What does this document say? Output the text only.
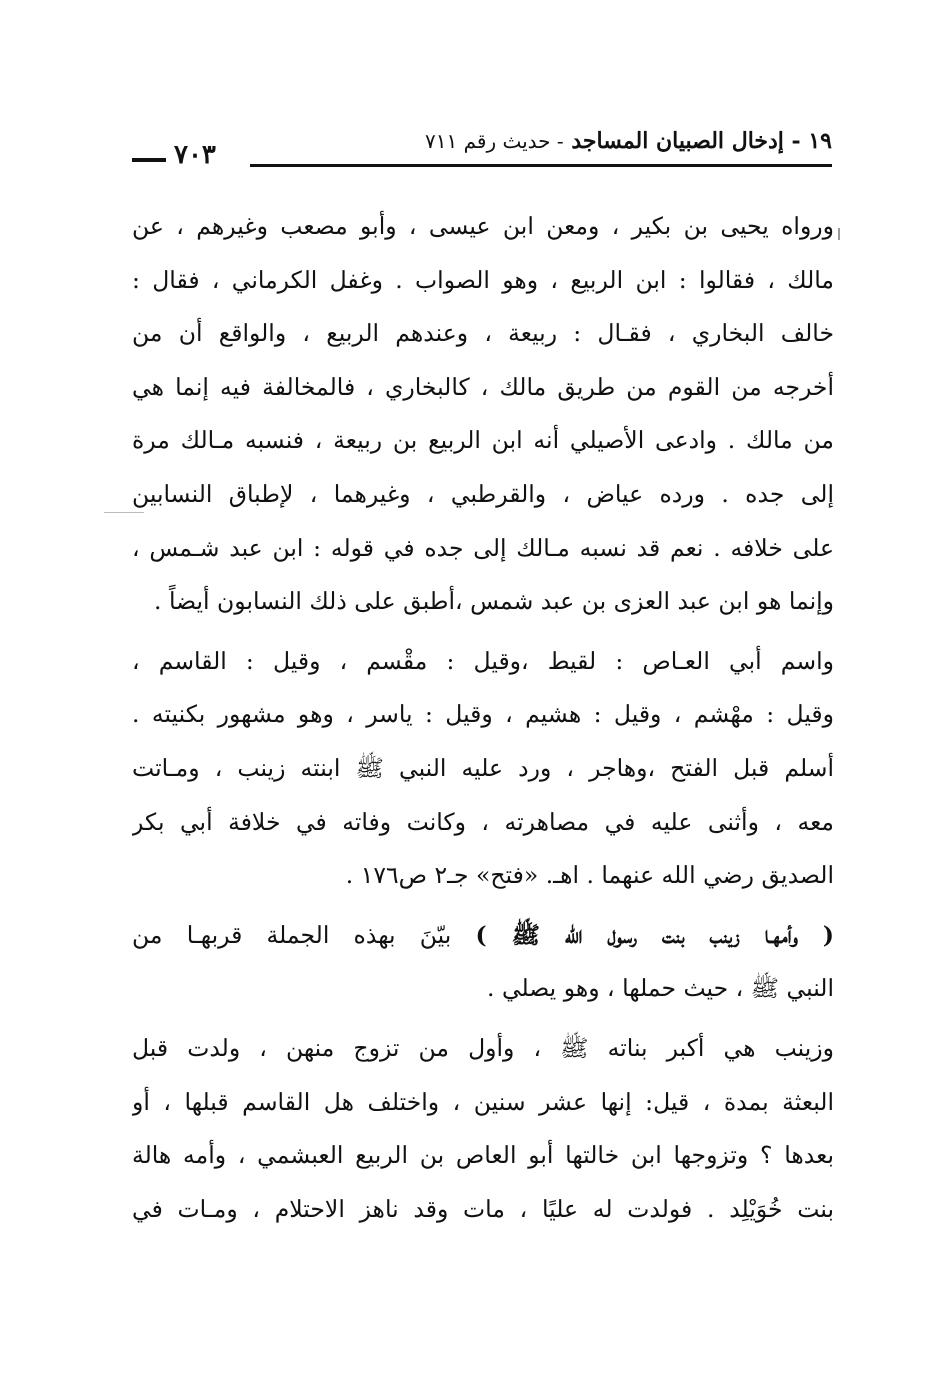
١٩ - إدخال الصبيان المساجد - حديث رقم ٧١١
٧٠٣

ورواه يحيى بن بكير ، ومعن ابن عيسى ، وأبو مصعب وغيرهم ، عن
مالك ، فقالوا : ابن الربيع ، وهو الصواب . وغفل الكرماني ، فقال :
خالف البخاري ، فقـال : ربيعة ، وعندهم الربيع ، والواقع أن من
أخرجه من القوم من طريق مالك ، كالبخاري ، فالمخالفة فيه إنما هي
من مالك . وادعى الأصيلي أنه ابن الربيع بن ربيعة ، فنسبه مـالك مرة
إلى جده . ورده عياض ، والقرطبي ، وغيرهما ، لإطباق النسابين
على خلافه . نعم قد نسبه مـالك إلى جده في قوله : ابن عبد شـمس ،
وإنما هو ابن عبد العزى بن عبد شمس ،أطبق على ذلك النسابون أيضاً .

واسم أبي العـاص : لقيط ،وقيل : مقْسم ، وقيل : القاسم ،
وقيل : مهْشم ، وقيل : هشيم ، وقيل : ياسر ، وهو مشهور بكنيته .
أسلم قبل الفتح ،وهاجر ، ورد عليه النبي ﷺ ابنته زينب ، ومـاتت
معه ، وأثنى عليه في مصاهرته ، وكانت وفاته في خلافة أبي بكر
الصديق رضي الله عنهما . اهـ. «فتح» جـ٢ ص١٧٦ .

( وأمهـا زينب بنت رسول الله ﷺ ) بيّنَ بهذه الجملة قربهـا من
النبي ﷺ ، حيث حملها ، وهو يصلي .

وزينب هي أكبر بناته ﷺ ، وأول من تزوج منهن ، ولدت قبل
البعثة بمدة ، قيل: إنها عشر سنين ، واختلف هل القاسم قبلها ، أو
بعدها ؟ وتزوجها ابن خالتها أبو العاص بن الربيع العبشمي ، وأمه هالة
بنت خُوَيْلِد . فولدت له عليًا ، مات وقد ناهز الاحتلام ، ومـات في
